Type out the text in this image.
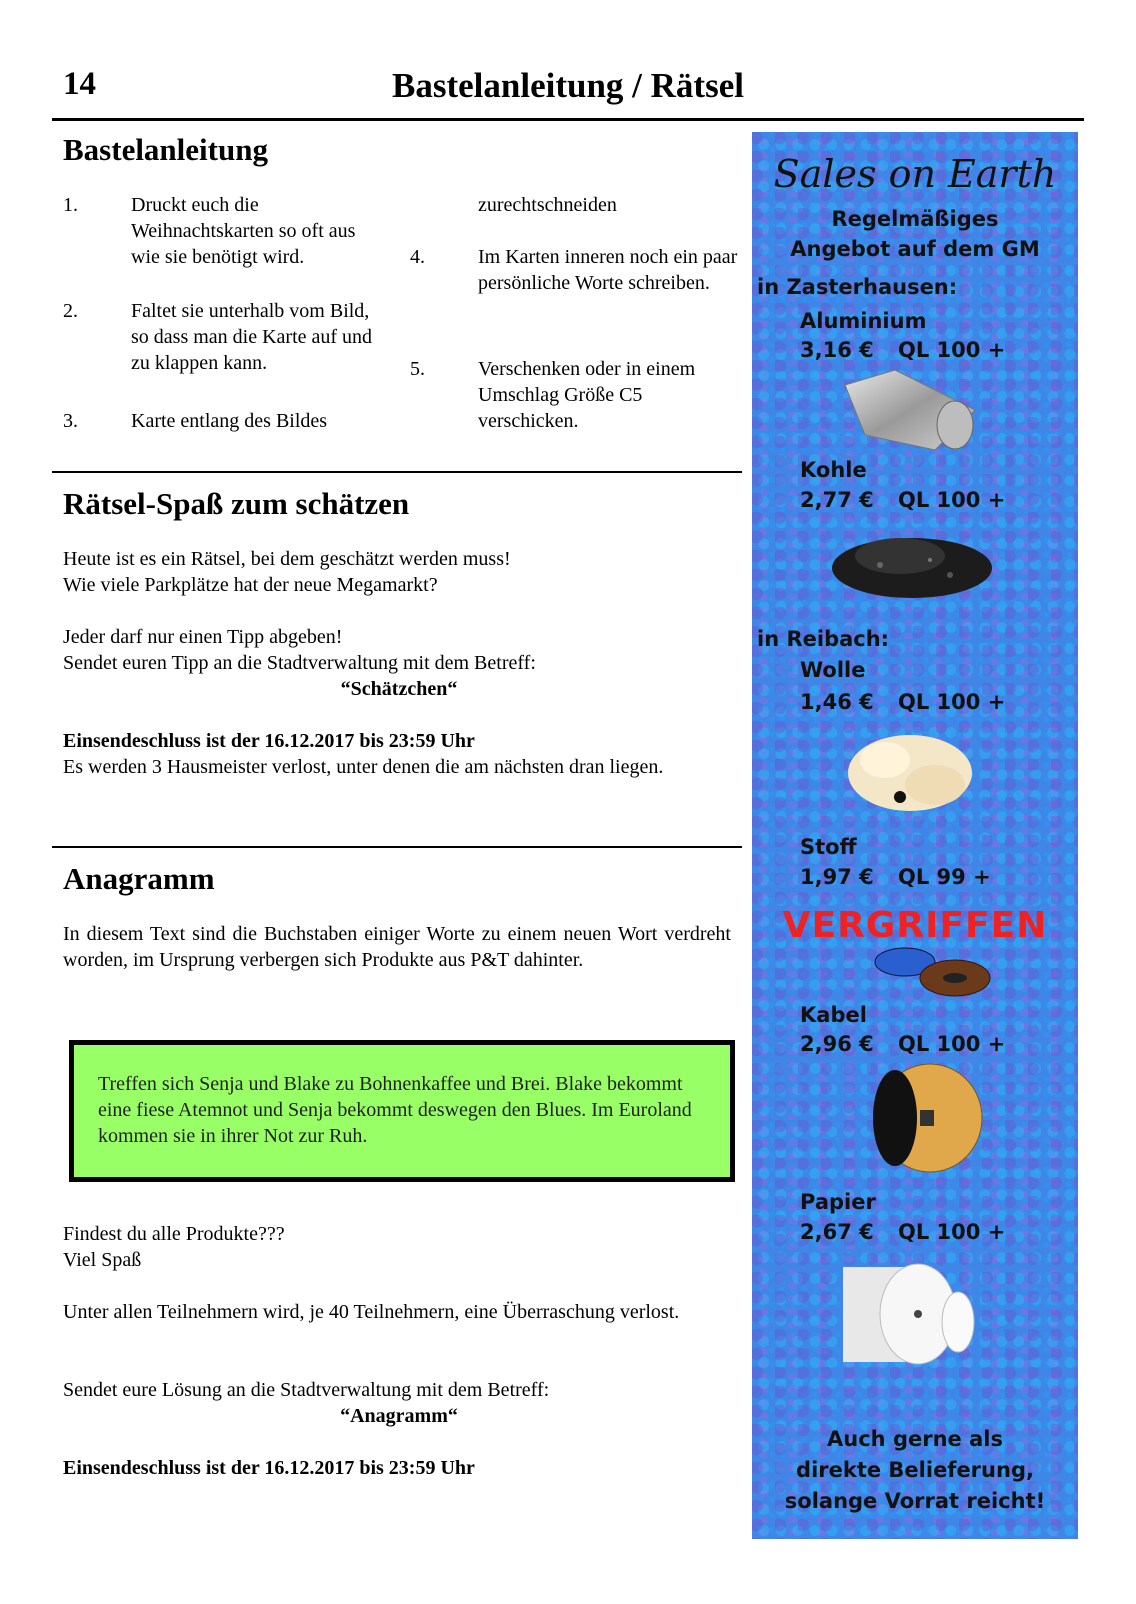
14	Bastelanleitung / Rätsel
Bastelanleitung
1.	Druckt euch die Weihnachtskarten so oft aus wie sie benötigt wird.
2.	Faltet sie unterhalb vom Bild, so dass man die Karte auf und zu klappen kann.
3.	Karte entlang des Bildes
zurechtschneiden
4.	Im Karten inneren noch ein paar persönliche Worte schreiben.
5.	Verschenken oder in einem Umschlag Größe C5 verschicken.
Rätsel-Spaß zum schätzen
Heute ist es ein Rätsel, bei dem geschätzt werden muss!
Wie viele Parkplätze hat der neue Megamarkt?
Jeder darf nur einen Tipp abgeben!
Sendet euren Tipp an die Stadtverwaltung mit dem Betreff:
“Schätzchen“
Einsendeschluss ist der 16.12.2017 bis 23:59 Uhr
Es werden 3 Hausmeister verlost, unter denen die am nächsten dran liegen.
Anagramm
In diesem Text sind die Buchstaben einiger Worte zu einem neuen Wort verdreht worden, im Ursprung verbergen sich Produkte aus P&T dahinter.
Treffen sich Senja und Blake zu Bohnenkaffee und Brei. Blake bekommt eine fiese Atemnot und Senja bekommt deswegen den Blues. Im Euroland kommen sie in ihrer Not zur Ruh.
Findest du alle Produkte???
Viel Spaß
Unter allen Teilnehmern wird, je 40 Teilnehmern, eine Überraschung verlost.
Sendet eure Lösung an die Stadtverwaltung mit dem Betreff:
“Anagramm“
Einsendeschluss ist der 16.12.2017 bis 23:59 Uhr
Sales on Earth
Regelmäßiges
Angebot auf dem GM
in Zasterhausen:
Aluminium
3,16 € QL 100 +
Kohle
2,77 € QL 100 +
in Reibach:
Wolle
1,46 € QL 100 +
Stoff
1,97 € QL 99 +
VERGRIFFEN
Kabel
2,96 € QL 100 +
Papier
2,67 € QL 100 +
Auch gerne als
direkte Belieferung,
solange Vorrat reicht!
